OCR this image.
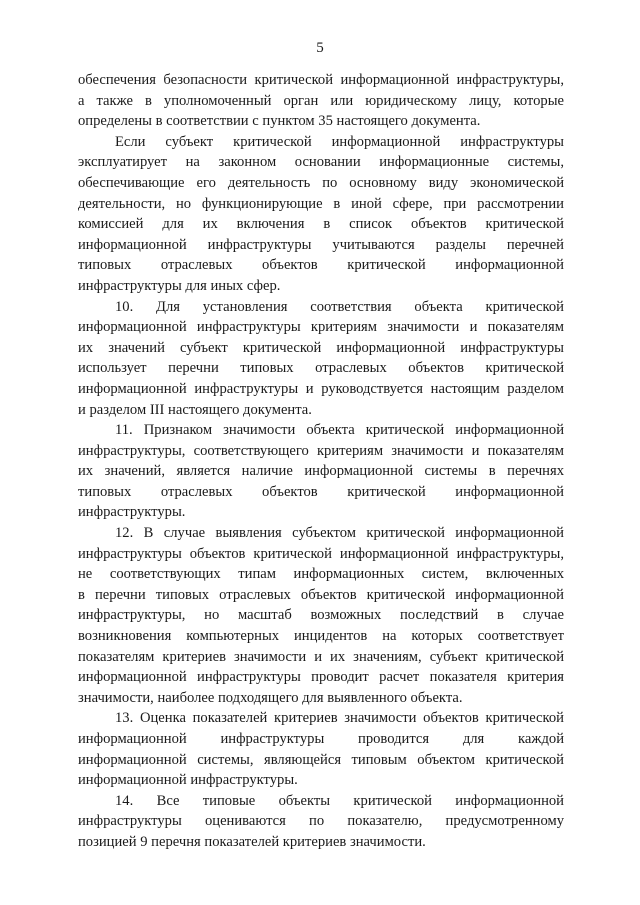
5
обеспечения безопасности критической информационной инфраструктуры,
а также в уполномоченный орган или юридическому лицу, которые
определены в соответствии с пунктом 35 настоящего документа.
Если субъект критической информационной инфраструктуры
эксплуатирует на законном основании информационные системы,
обеспечивающие его деятельность по основному виду экономической
деятельности, но функционирующие в иной сфере, при рассмотрении
комиссией для их включения в список объектов критической
информационной инфраструктуры учитываются разделы перечней
типовых отраслевых объектов критической информационной
инфраструктуры для иных сфер.
10. Для установления соответствия объекта критической
информационной инфраструктуры критериям значимости и показателям
их значений субъект критической информационной инфраструктуры
использует перечни типовых отраслевых объектов критической
информационной инфраструктуры и руководствуется настоящим разделом
и разделом III настоящего документа.
11. Признаком значимости объекта критической информационной
инфраструктуры, соответствующего критериям значимости и показателям
их значений, является наличие информационной системы в перечнях
типовых отраслевых объектов критической информационной
инфраструктуры.
12. В случае выявления субъектом критической информационной
инфраструктуры объектов критической информационной инфраструктуры,
не соответствующих типам информационных систем, включенных
в перечни типовых отраслевых объектов критической информационной
инфраструктуры, но масштаб возможных последствий в случае
возникновения компьютерных инцидентов на которых соответствует
показателям критериев значимости и их значениям, субъект критической
информационной инфраструктуры проводит расчет показателя критерия
значимости, наиболее подходящего для выявленного объекта.
13. Оценка показателей критериев значимости объектов критической
информационной инфраструктуры проводится для каждой
информационной системы, являющейся типовым объектом критической
информационной инфраструктуры.
14. Все типовые объекты критической информационной
инфраструктуры оцениваются по показателю, предусмотренному
позицией 9 перечня показателей критериев значимости.
